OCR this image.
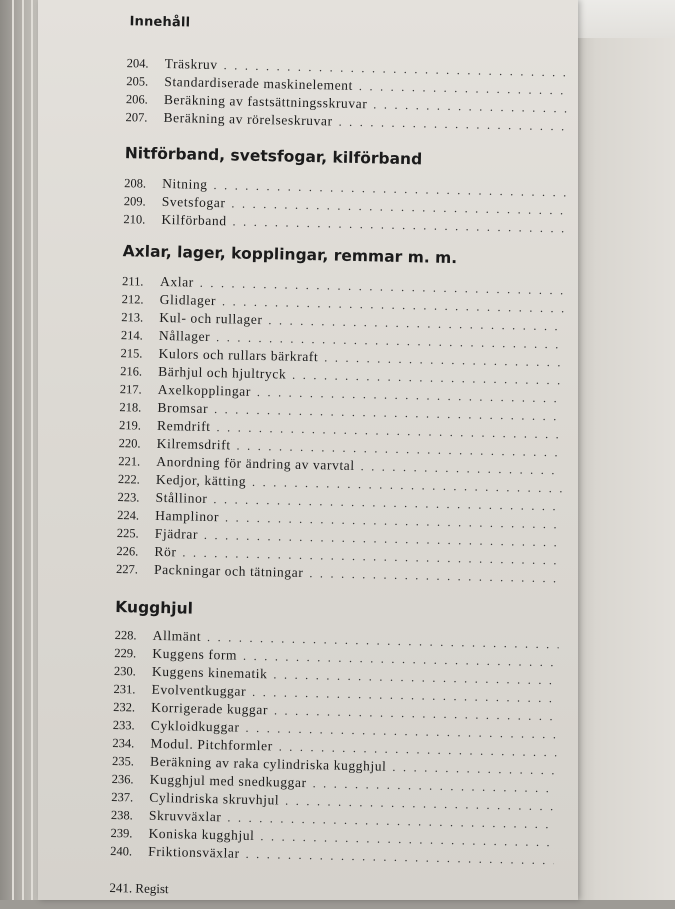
Innehåll
204.	Träskruv
. . .
205.	Standardiserade maskinelement
. . .
206.	Beräkning av fastsättningsskruvar
. . .
207.	Beräkning av rörelseskruvar
. . .
Nitförband, svetsfogar, kilförband
208.	Nitning
. . .
209.	Svetsfogar
. . .
210.	Kilförband
. . .
Axlar, lager, kopplingar, remmar m. m.
211.	Axlar
. . .
212.	Glidlager
. . .
213.	Kul- och rullager
. . .
214.	Nållager
. . .
215.	Kulors och rullars bärkraft
. . .
216.	Bärhjul och hjultryck
. . .
217.	Axelkopplingar
. . .
218.	Bromsar
. . .
219.	Remdrift
. . .
220.	Kilremsdrift
. . .
221.	Anordning för ändring av varvtal
. . .
222.	Kedjor, kätting
. . .
223.	Stållinor
. . .
224.	Hamplinor
. . .
225.	Fjädrar
. . .
226.	Rör
. . .
227.	Packningar och tätningar
. . .
Kugghjul
228.	Allmänt
. . .
229.	Kuggens form
. . .
230.	Kuggens kinematik
. . .
231.	Evolventkuggar
. . .
232.	Korrigerade kuggar
. . .
233.	Cykloidkuggar
. . .
234.	Modul. Pitchformler
. . .
235.	Beräkning av raka cylindriska kugghjul
. . .
236.	Kugghjul med snedkuggar
. . .
237.	Cylindriska skruvhjul
. . .
238.	Skruvväxlar
. . .
239.	Koniska kugghjul
. . .
240.	Friktionsväxlar
. . .
241. Regist
